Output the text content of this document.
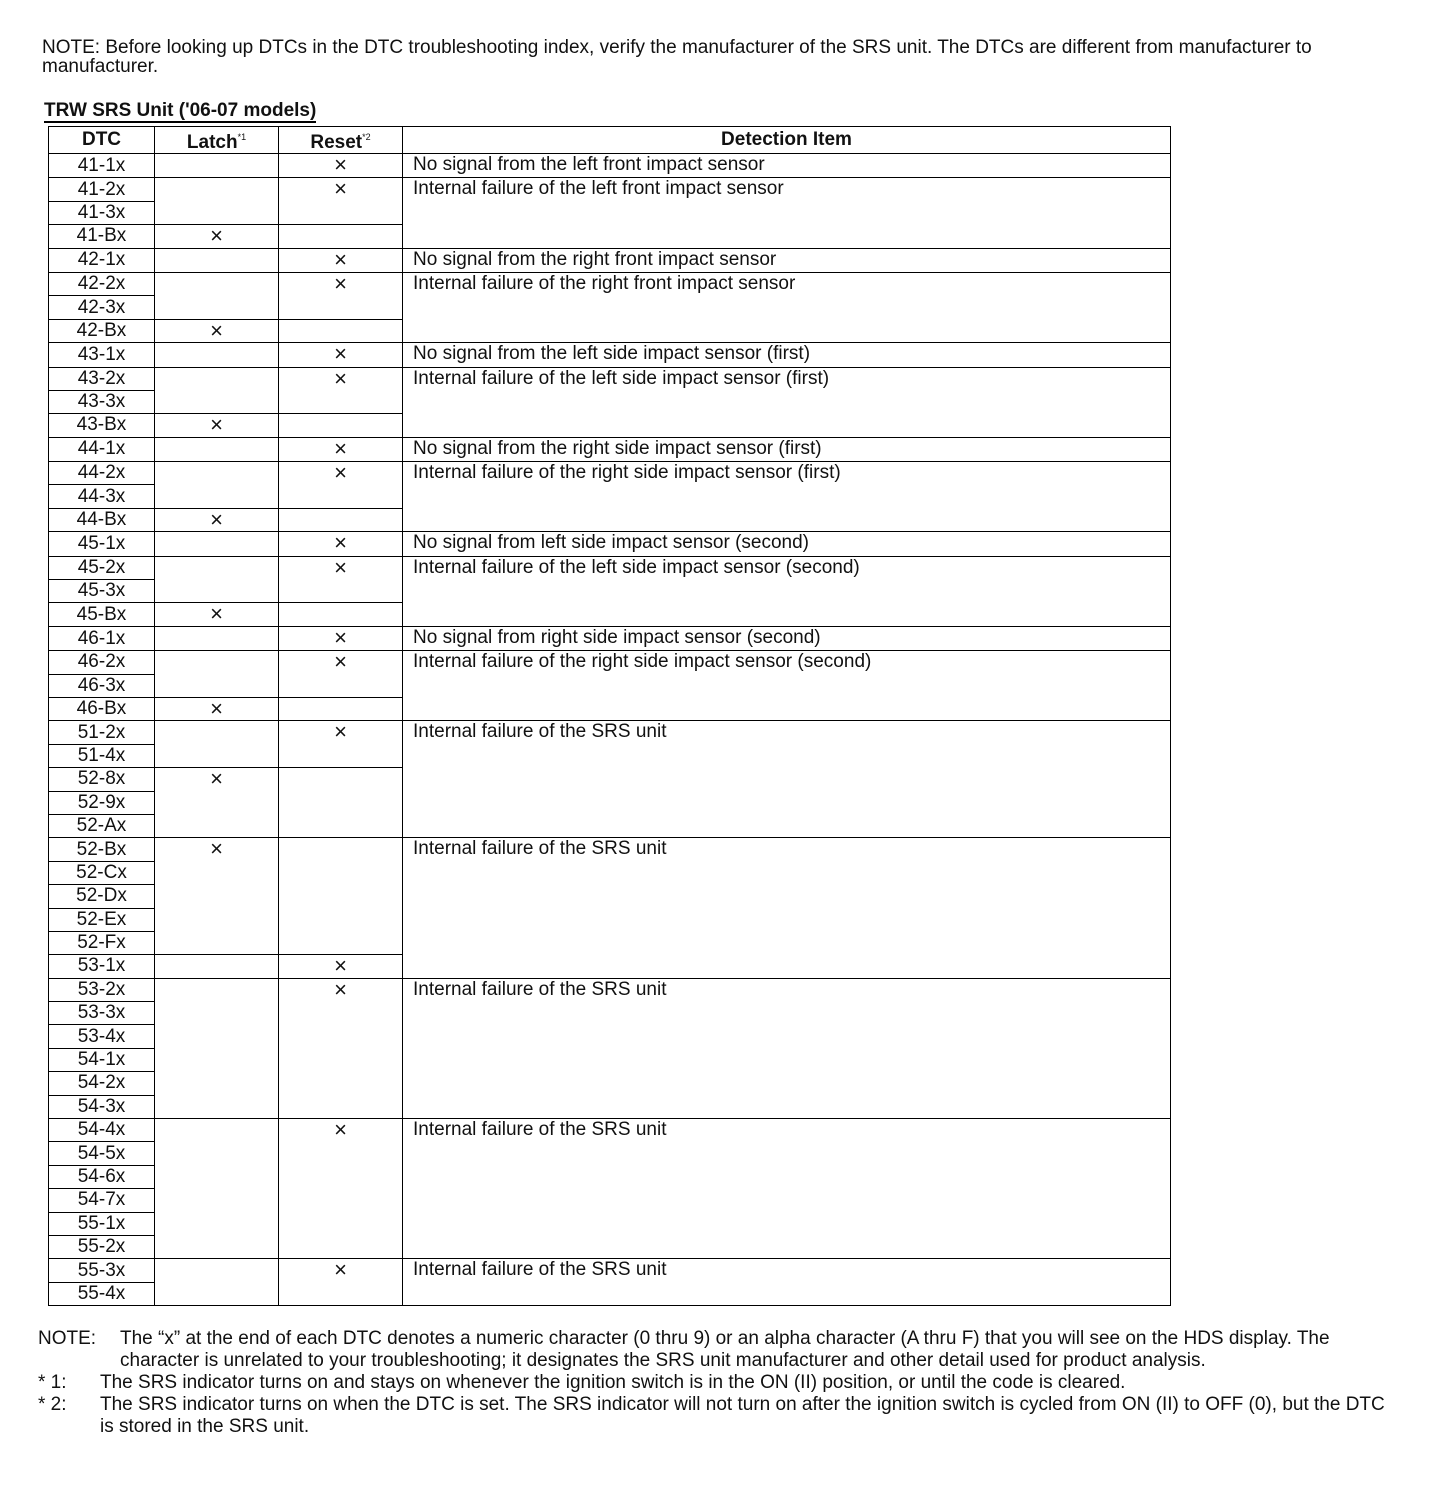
NOTE: Before looking up DTCs in the DTC troubleshooting index, verify the manufacturer of the SRS unit. The DTCs are different from manufacturer to manufacturer.
TRW SRS Unit ('06-07 models)
DTC	Latch$^{*1}$	Reset$^{*2}$	Detection Item
41-1x		×	No signal from the left front impact sensor
41-2x		×	Internal failure of the left front impact sensor
41-3x			
41-Bx	×		
42-1x		×	No signal from the right front impact sensor
42-2x		×	Internal failure of the right front impact sensor
42-3x			
42-Bx	×		
43-1x		×	No signal from the left side impact sensor (first)
43-2x		×	Internal failure of the left side impact sensor (first)
43-3x			
43-Bx	×		
44-1x		×	No signal from the right side impact sensor (first)
44-2x		×	Internal failure of the right side impact sensor (first)
44-3x			
44-Bx	×		
45-1x		×	No signal from left side impact sensor (second)
45-2x		×	Internal failure of the left side impact sensor (second)
45-3x			
45-Bx	×		
46-1x		×	No signal from right side impact sensor (second)
46-2x		×	Internal failure of the right side impact sensor (second)
46-3x			
46-Bx	×		
51-2x		×	Internal failure of the SRS unit
51-4x			
52-8x	×		
52-9x			
52-Ax			
52-Bx	×		Internal failure of the SRS unit
52-Cx			
52-Dx			
52-Ex			
52-Fx			
53-1x		×	
53-2x		×	Internal failure of the SRS unit
53-3x			
53-4x			
54-1x			
54-2x			
54-3x			
54-4x		×	Internal failure of the SRS unit
54-5x			
54-6x			
54-7x			
55-1x			
55-2x			
55-3x		×	Internal failure of the SRS unit
55-4x			
NOTE:	The “x” at the end of each DTC denotes a numeric character (0 thru 9) or an alpha character (A thru F) that you will see on the HDS display. The character is unrelated to your troubleshooting; it designates the SRS unit manufacturer and other detail used for product analysis.
* 1:	The SRS indicator turns on and stays on whenever the ignition switch is in the ON (II) position, or until the code is cleared.
* 2:	The SRS indicator turns on when the DTC is set. The SRS indicator will not turn on after the ignition switch is cycled from ON (II) to OFF (0), but the DTC is stored in the SRS unit.
